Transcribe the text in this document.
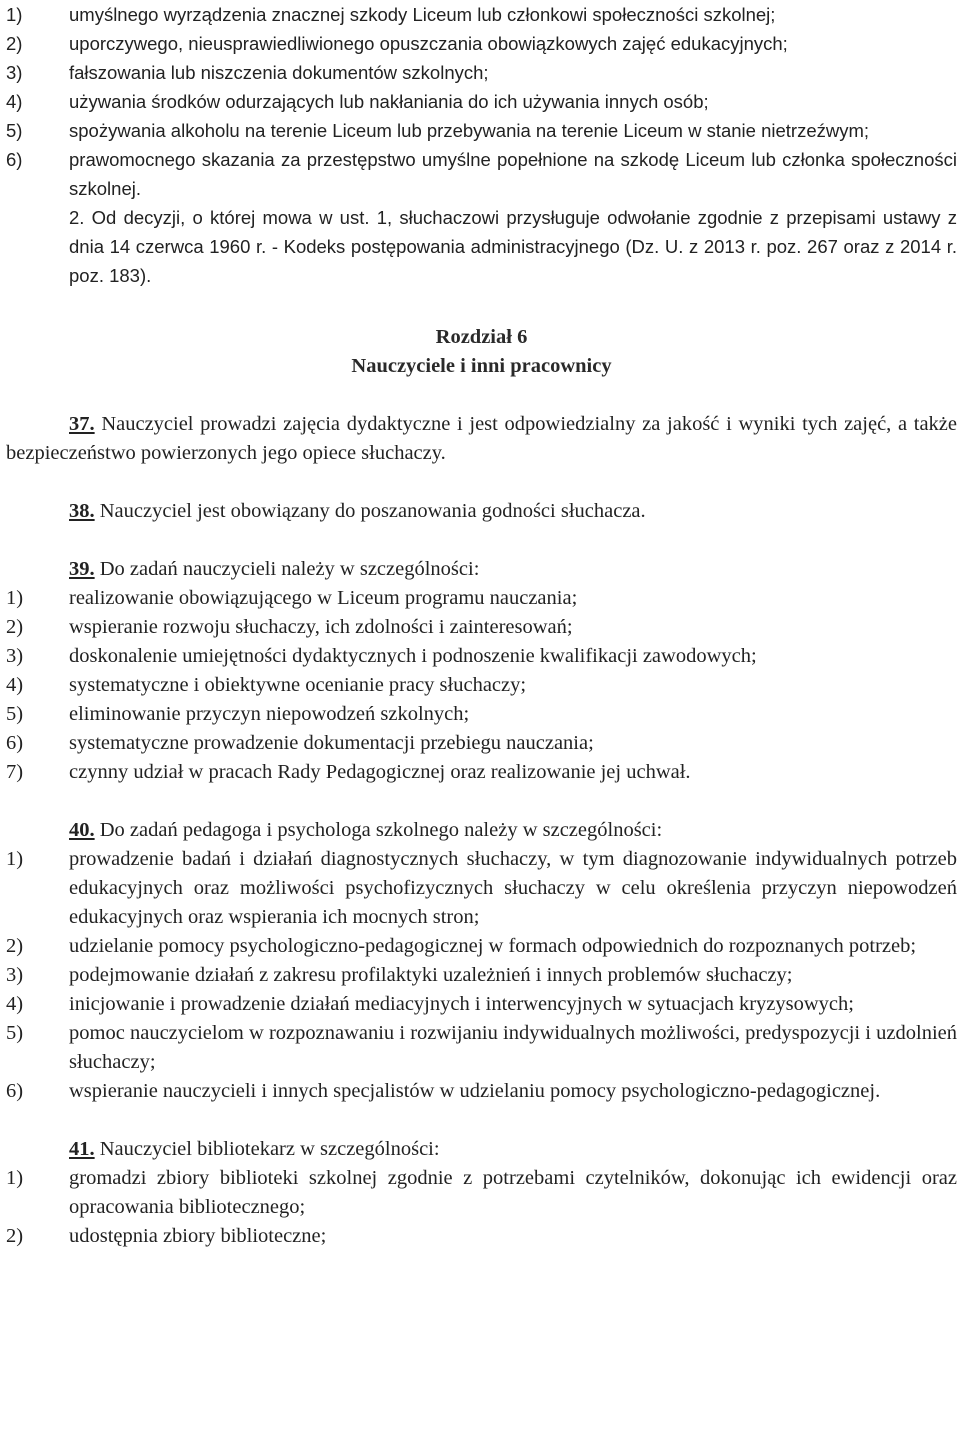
1)	umyślnego wyrządzenia znacznej szkody Liceum lub członkowi społeczności szkolnej;
2)	uporczywego, nieusprawiedliwionego opuszczania obowiązkowych zajęć edukacyjnych;
3)	fałszowania lub niszczenia dokumentów szkolnych;
4)	używania środków odurzających lub nakłaniania do ich używania innych osób;
5)	spożywania alkoholu na terenie Liceum lub przebywania na terenie Liceum w stanie nietrzeźwym;
6)	prawomocnego skazania za przestępstwo umyślne popełnione na szkodę Liceum lub członka społeczności szkolnej.
2. Od decyzji, o której mowa w ust. 1, słuchaczowi przysługuje odwołanie zgodnie z przepisami ustawy z dnia 14 czerwca 1960 r. - Kodeks postępowania administracyjnego (Dz. U. z 2013 r. poz. 267 oraz z 2014 r. poz. 183).
Rozdział 6
Nauczyciele i inni pracownicy
37. Nauczyciel prowadzi zajęcia dydaktyczne i jest odpowiedzialny za jakość i wyniki tych zajęć, a także bezpieczeństwo powierzonych jego opiece słuchaczy.
38. Nauczyciel jest obowiązany do poszanowania godności słuchacza.
39. Do zadań nauczycieli należy w szczególności:
1)	realizowanie obowiązującego w Liceum programu nauczania;
2)	wspieranie rozwoju słuchaczy, ich zdolności i zainteresowań;
3)	doskonalenie umiejętności dydaktycznych i podnoszenie kwalifikacji zawodowych;
4)	systematyczne i obiektywne ocenianie pracy słuchaczy;
5)	eliminowanie przyczyn niepowodzeń szkolnych;
6)	systematyczne prowadzenie dokumentacji przebiegu nauczania;
7)	czynny udział w pracach Rady Pedagogicznej oraz realizowanie jej uchwał.
40. Do zadań pedagoga i psychologa szkolnego należy w szczególności:
1)	prowadzenie badań i działań diagnostycznych słuchaczy, w tym diagnozowanie indywidualnych potrzeb edukacyjnych oraz możliwości psychofizycznych słuchaczy w celu określenia przyczyn niepowodzeń edukacyjnych oraz wspierania ich mocnych stron;
2)	udzielanie pomocy psychologiczno-pedagogicznej w formach odpowiednich do rozpoznanych potrzeb;
3)	podejmowanie działań z zakresu profilaktyki uzależnień i innych problemów słuchaczy;
4)	inicjowanie i prowadzenie działań mediacyjnych i interwencyjnych w sytuacjach kryzysowych;
5)	pomoc nauczycielom w rozpoznawaniu i rozwijaniu indywidualnych możliwości, predyspozycji i uzdolnień słuchaczy;
6)	wspieranie nauczycieli i innych specjalistów w udzielaniu pomocy psychologiczno-pedagogicznej.
41. Nauczyciel bibliotekarz w szczególności:
1)	gromadzi zbiory biblioteki szkolnej zgodnie z potrzebami czytelników, dokonując ich ewidencji oraz opracowania bibliotecznego;
2)	udostępnia zbiory biblioteczne;
